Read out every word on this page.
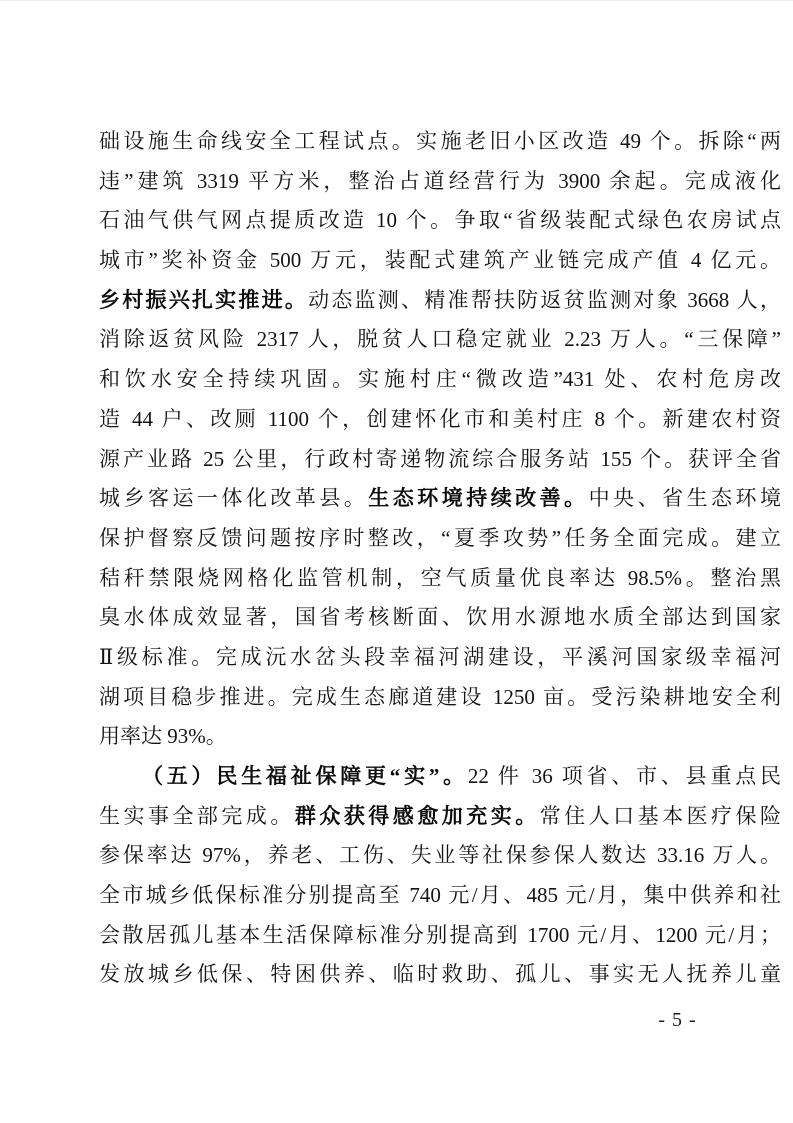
础设施生命线安全工程试点。实施老旧小区改造 49 个。拆除“两
违”建筑 3319 平方米，整治占道经营行为 3900 余起。完成液化
石油气供气网点提质改造 10 个。争取“省级装配式绿色农房试点
城市”奖补资金 500 万元，装配式建筑产业链完成产值 4 亿元。
乡村振兴扎实推进。动态监测、精准帮扶防返贫监测对象 3668 人，
消除返贫风险 2317 人，脱贫人口稳定就业 2.23 万人。“三保障”
和饮水安全持续巩固。实施村庄“微改造”431 处、农村危房改
造 44 户、改厕 1100 个，创建怀化市和美村庄 8 个。新建农村资
源产业路 25 公里，行政村寄递物流综合服务站 155 个。获评全省
城乡客运一体化改革县。生态环境持续改善。中央、省生态环境
保护督察反馈问题按序时整改，“夏季攻势”任务全面完成。建立
秸秆禁限烧网格化监管机制，空气质量优良率达 98.5%。整治黑
臭水体成效显著，国省考核断面、饮用水源地水质全部达到国家
Ⅱ级标准。完成沅水岔头段幸福河湖建设，平溪河国家级幸福河
湖项目稳步推进。完成生态廊道建设 1250 亩。受污染耕地安全利
用率达 93%。
（五）民生福祉保障更“实”。22 件 36 项省、市、县重点民
生实事全部完成。群众获得感愈加充实。常住人口基本医疗保险
参保率达 97%，养老、工伤、失业等社保参保人数达 33.16 万人。
全市城乡低保标准分别提高至 740 元/月、485 元/月，集中供养和社
会散居孤儿基本生活保障标准分别提高到 1700 元/月、1200 元/月；
发放城乡低保、特困供养、临时救助、孤儿、事实无人抚养儿童
- 5 -
